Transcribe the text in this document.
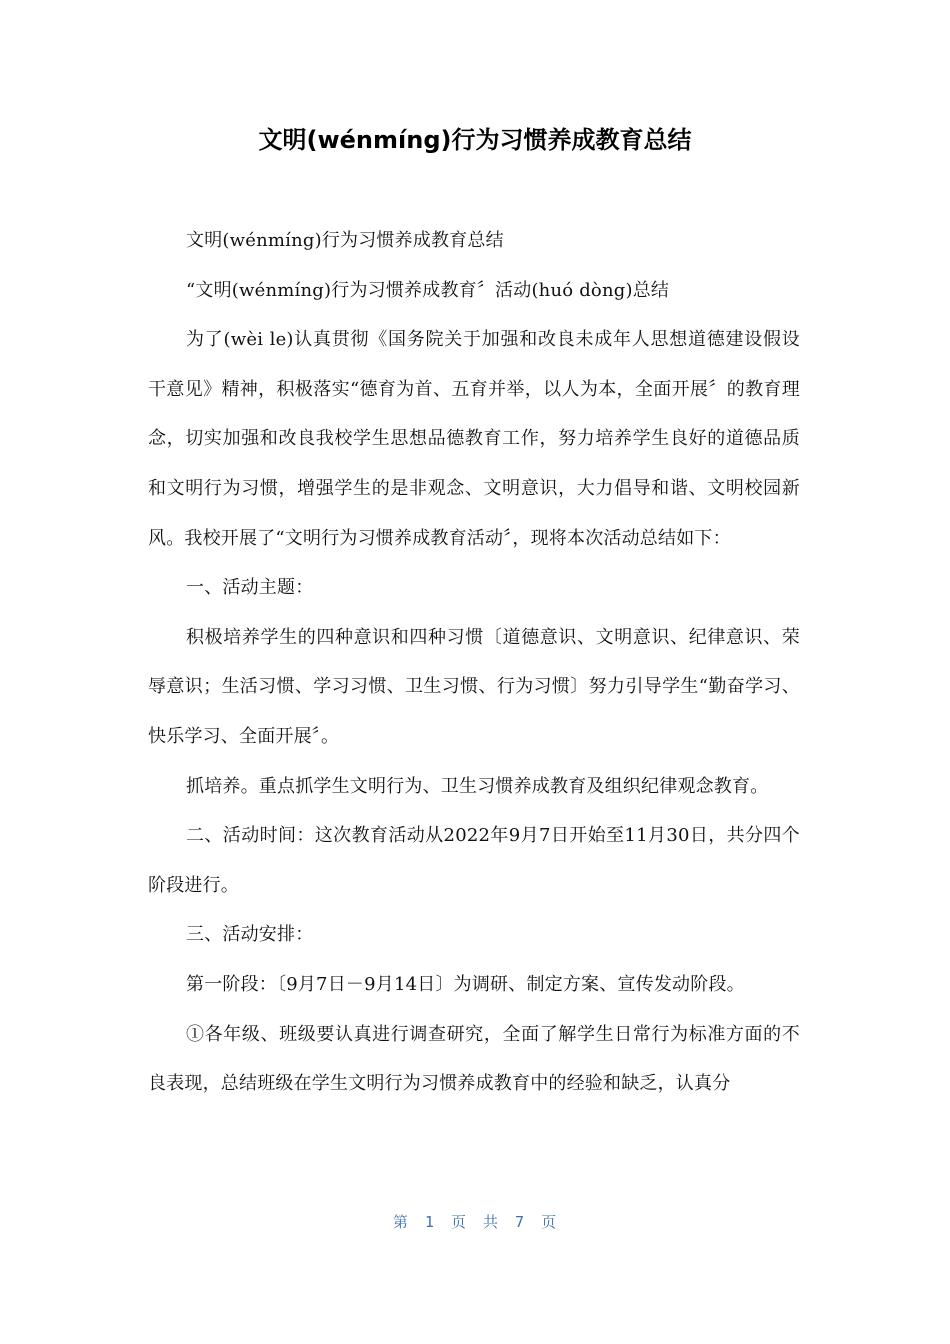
文明(wénmíng)行为习惯养成教育总结

文明(wénmíng)行为习惯养成教育总结

“文明(wénmíng)行为习惯养成教育〞活动(huó dòng)总结

为了(wèi le)认真贯彻《国务院关于加强和改良未成年人思想道德建设假设干意见》精神，积极落实“德育为首、五育并举，以人为本，全面开展〞的教育理念，切实加强和改良我校学生思想品德教育工作，努力培养学生良好的道德品质和文明行为习惯，增强学生的是非观念、文明意识，大力倡导和谐、文明校园新风。我校开展了“文明行为习惯养成教育活动〞，现将本次活动总结如下：

一、活动主题：

积极培养学生的四种意识和四种习惯〔道德意识、文明意识、纪律意识、荣辱意识；生活习惯、学习习惯、卫生习惯、行为习惯〕努力引导学生“勤奋学习、快乐学习、全面开展〞。

抓培养。重点抓学生文明行为、卫生习惯养成教育及组织纪律观念教育。

二、活动时间：这次教育活动从2022年9月7日开始至11月30日，共分四个阶段进行。

三、活动安排：

第一阶段：〔9月7日－9月14日〕为调研、制定方案、宣传发动阶段。

①各年级、班级要认真进行调查研究，全面了解学生日常行为标准方面的不良表现，总结班级在学生文明行为习惯养成教育中的经验和缺乏，认真分

第 1 页 共 7 页
